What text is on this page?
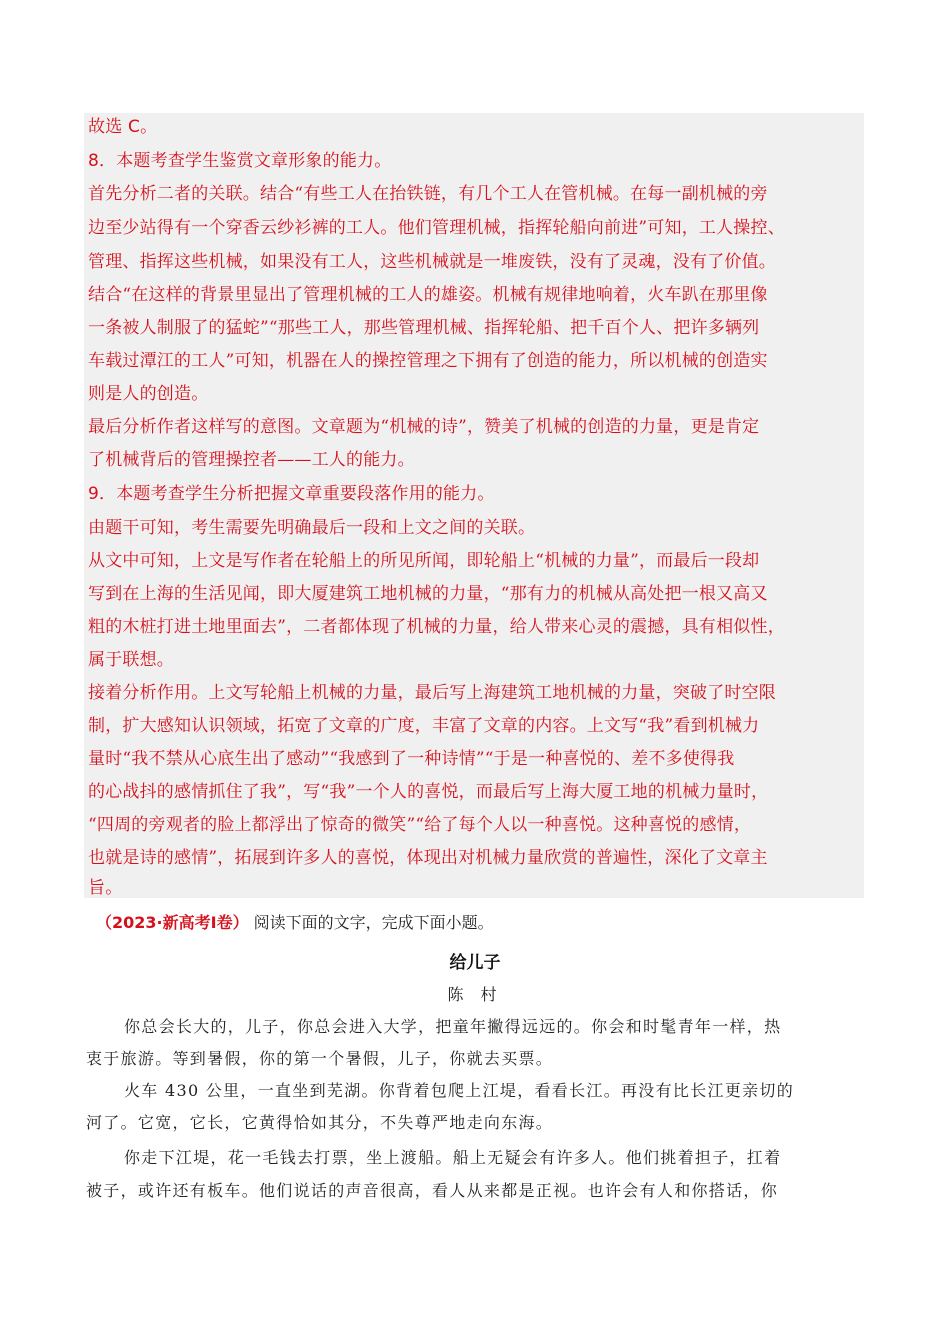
故选 C。
8．本题考查学生鉴赏文章形象的能力。
首先分析二者的关联。结合“有些工人在抬铁链，有几个工人在管机械。在每一副机械的旁
边至少站得有一个穿香云纱衫裤的工人。他们管理机械，指挥轮船向前进”可知，工人操控、
管理、指挥这些机械，如果没有工人，这些机械就是一堆废铁，没有了灵魂，没有了价值。
结合“在这样的背景里显出了管理机械的工人的雄姿。机械有规律地响着，火车趴在那里像
一条被人制服了的猛蛇”“那些工人，那些管理机械、指挥轮船、把千百个人、把许多辆列
车载过潭江的工人”可知，机器在人的操控管理之下拥有了创造的能力，所以机械的创造实
则是人的创造。
最后分析作者这样写的意图。文章题为“机械的诗”，赞美了机械的创造的力量，更是肯定
了机械背后的管理操控者——工人的能力。
9．本题考查学生分析把握文章重要段落作用的能力。
由题干可知，考生需要先明确最后一段和上文之间的关联。
从文中可知，上文是写作者在轮船上的所见所闻，即轮船上“机械的力量”，而最后一段却
写到在上海的生活见闻，即大厦建筑工地机械的力量，“那有力的机械从高处把一根又高又
粗的木桩打进土地里面去”，二者都体现了机械的力量，给人带来心灵的震撼，具有相似性，
属于联想。
接着分析作用。上文写轮船上机械的力量，最后写上海建筑工地机械的力量，突破了时空限
制，扩大感知认识领域，拓宽了文章的广度，丰富了文章的内容。上文写“我”看到机械力
量时“我不禁从心底生出了感动”“我感到了一种诗情”“于是一种喜悦的、差不多使得我
的心战抖的感情抓住了我”，写“我”一个人的喜悦，而最后写上海大厦工地的机械力量时，
“四周的旁观者的脸上都浮出了惊奇的微笑”“给了每个人以一种喜悦。这种喜悦的感情，
也就是诗的感情”，拓展到许多人的喜悦，体现出对机械力量欣赏的普遍性，深化了文章主
旨。
（2023·新高考Ⅰ卷） 阅读下面的文字，完成下面小题。
给儿子
陈 村
你总会长大的，儿子，你总会进入大学，把童年撇得远远的。你会和时髦青年一样，热
衷于旅游。等到暑假，你的第一个暑假，儿子，你就去买票。
火车 430 公里，一直坐到芜湖。你背着包爬上江堤，看看长江。再没有比长江更亲切的
河了。它宽，它长，它黄得恰如其分，不失尊严地走向东海。
你走下江堤，花一毛钱去打票，坐上渡船。船上无疑会有许多人。他们挑着担子，扛着
被子，或许还有板车。他们说话的声音很高，看人从来都是正视。也许会有人和你搭话，你
